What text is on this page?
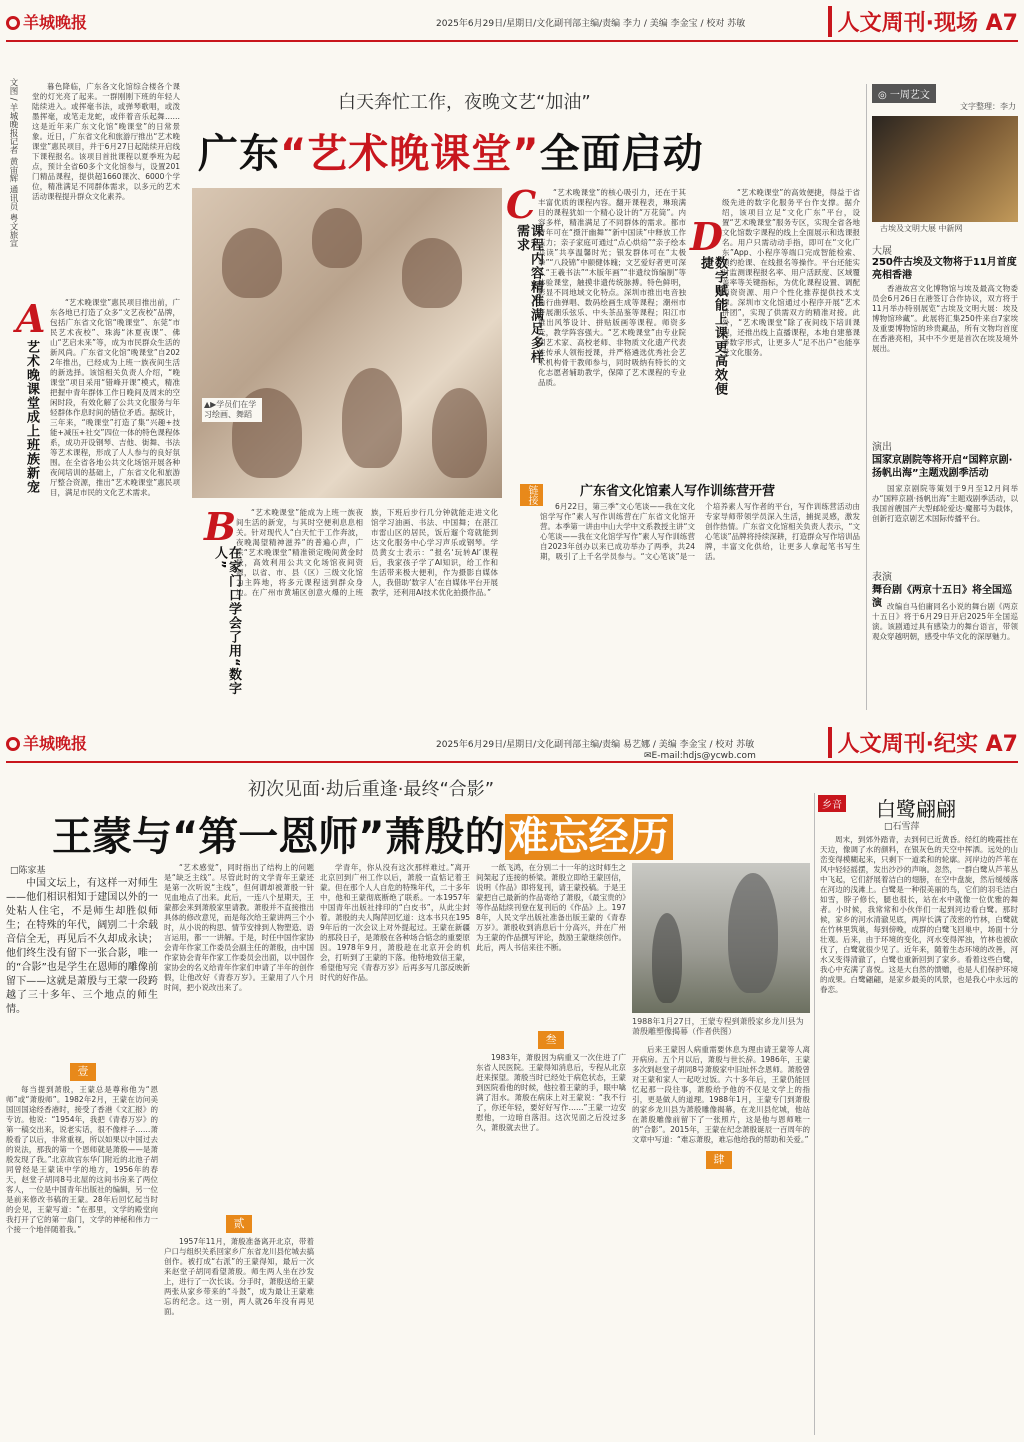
羊城晚报	2025年6月29日/星期日/文化副刊部主编/责编 李力 / 美编 李金宝 / 校对 苏敏	人文周刊·现场 A7
文图 / 羊城晚报记者 黄宙辉 通讯员 粤文旅宣	暮色降临，广东各文化馆综合楼各个课堂的灯光亮了起来。一群刚刚下班的年轻人陆续进入。或挥毫书法，或弹琴歌唱，或泼墨挥毫，或笔走龙蛇，或伴着音乐起舞……这是近年来广东文化馆“晚课堂”的日常景象。近日，广东省文化和旅游厅推出“艺术晚课堂”惠民项目，并于6月27日起陆续开启线下课程报名。该项目首批课程以夏季班为起点，预计全省60多个文化馆参与，设置201门精品课程，提供超1660课次、6000个学位，精准满足不同群体需求，以多元的艺术活动课程提升群众文化素养。

白天奔忙工作，夜晚文艺“加油”
广东“艺术晚课堂”全面启动
▲▶学员们在学习绘画、舞蹈
A
艺术晚课堂成上班族新宠

“艺术晚课堂”惠民项目推出前，广东各地已打造了众多“文艺夜校”品牌，包括广东省文化馆“晚课堂”、东莞“市民艺术夜校”、珠海“沐夏夜课”、佛山“艺启未来”等，成为市民群众生活的新风尚。广东省文化馆“晚课堂”自2022年推出，已经成为上班一族夜间生活的新选择。该馆相关负责人介绍，“晚课堂”项目采用“错峰开课”模式，精准把握中青年群体工作日晚间及周末的空闲时段，有效化解了公共文化服务与年轻群体作息时间的错位矛盾。据统计，三年来，“晚课堂”打造了集“兴趣+技能+减压+社交”四位一体的特色课程体系，成功开设钢琴、吉他、街舞、书法等艺术课程，形成了人人参与的良好氛围。在全省各地公共文化场馆开展各种夜间培训的基础上，广东省文化和旅游厅整合资源，推出“艺术晚课堂”惠民项目，满足市民的文化艺术需求。

B
在家门口学会了用“数字人”

“艺术晚课堂”能成为上班一族夜间生活的新宠，与其时空便利息息相关。针对现代人“白天忙于工作奔波，夜晚渴望精神滋养”的普遍心声，广东“艺术晚课堂”精准锁定晚间黄金时段，高效利用公共文化场馆夜间资源，以省、市、县（区）三级文化馆为主阵地，将多元课程送到群众身边。在广州市黄埔区创意火爆的上班族，下班后步行几分钟就能走进文化馆学习油画、书法、中国舞；在湛江市雷山区的居民，饭后遛个弯就能到达文化服务中心学习声乐或钢琴。学员黄女士表示：“报名‘玩转AI’课程后，我家孩子学了AI知识，给工作和生活带来极大便利，作为摄影自媒体人，我借助‘数字人’在自媒体平台开展教学，还利用AI技术优化拍摄作品。”

C
课程内容精准满足多样需求

“艺术晚课堂”的核心吸引力，还在于其丰富优质的课程内容。翻开课程表，琳琅满目的课程犹如一个精心设计的“万花筒”。内容多样，精准满足了不同群体的需求。都市青年可在“摄汗幽舞”“新中国读”中释放工作压力；亲子家庭可通过“点心烘焙”“亲子绘本共读”共享温馨时光；银发群体可在“太极拳”“八段锦”中颐健体魄；文艺爱好者更可深入“王羲书法”“木版年画”“非遗纹饰编制”等体验课堂，触摸非遗传统脉搏。特色鲜明，彰显不同地域文化特点。深圳市推出电音独角行曲弹唱、数码绘画生成等课程；潮州市开展潮乐弦乐、中头茶品鉴等课程；阳江市推出风筝设计、拼贴版画等课程。师资多元，教学阵容强大。“艺术晚课堂”由专业院团艺术家、高校老师、非物质文化遗产代表性传承人领衔授课，并严格遴选优秀社会艺术机构骨干教师参与，同时吸纳有特长的文化志愿者辅助教学，保障了艺术课程的专业品质。

D
数字赋能上课更高效便捷

“艺术晚课堂”的高效便捷，得益于省级先进的数字化服务平台作支撑。据介绍，该项目立足“文化广东”平台，设置“艺术晚课堂”服务专区，实现全省各地文化馆数字课程的线上全面展示和选课报名。用户只需动动手指，即可在“文化广东”App、小程序等端口完成智能检索、预约抢课、在线报名等操作。平台还能实时监测课程报名率、用户活跃度、区域覆盖率等关键指标，为优化课程设置、调配师资资源、用户个性化推荐提供技术支撑。深圳市文化馆通过小程序开展“艺术拼团”，实现了供需双方的精准对接。此外，“艺术晚课堂”除了夜间线下培训课程，还推出线上直播课程，本地自建慕课等数字形式，让更多人“足不出户”也能享受文化服务。

链接	广东省文化馆素人写作训练营开营

6月22日，第三季“文心笔谈——我在文化馆学写作”素人写作训练营在广东省文化馆开营。本季第一讲由中山大学中文系教授主讲“文心笔谈——我在文化馆学写作”素人写作训练营自2023年创办以来已成功举办了两季，共24期，吸引了上千名学员参与。“文心笔谈”是一个培养素人写作者的平台，写作训练营活动由专家导师带领学员深入生活，捕捉灵感，激发创作热情。广东省文化馆相关负责人表示，“文心笔谈”品牌将持续深耕，打造群众写作培训品牌，丰富文化供给，让更多人拿起笔书写生活。

◎ 一周艺文
文字整理：李力
古埃及文明大展 中新网
大展
250件古埃及文物将于11月首度亮相香港

香港故宫文化博物馆与埃及最高文物委员会6月26日在港签订合作协议，双方将于11月举办特别展览“古埃及文明大展：埃及博物馆珍藏”。此展将汇集250件来自7家埃及重要博物馆的珍贵藏品，所有文物均首度在香港亮相，其中不少更是首次在埃及境外展出。

演出
国家京剧院等将开启“国粹京剧·扬帆出海”主题戏剧季活动

国家京剧院等策划于9月至12月间举办“国粹京剧·扬帆出海”主题戏剧季活动，以我国首艘国产大型邮轮爱达·魔都号为载体，创新打造京剧艺术国际传播平台。

表演
舞台剧《两京十五日》将全国巡演 改编自马伯庸同名小说的舞台剧《两京十五日》将于6月29日开启2025年全国巡演。该剧通过具有感染力的舞台语言，带领观众穿越明朝，感受中华文化的深厚魅力。

羊城晚报	2025年6月29日/星期日/文化副刊部主编/责编 易艺娜 / 美编 李金宝 / 校对 苏敏	人文周刊·纪实 A7
✉E-mail:hdjs@ycwb.com
初次见面·劫后重逢·最终“合影”
王蒙与“第一恩师”萧殷的 难忘经历
□陈家基

中国文坛上，有这样一对师生——他们相识相知于建国以外的一处粘人住宅，不是师生却胜似师生；在特殊的年代，阔别二十余载音信全无，再见后不久却成永诀；他们终生没有留下一张合影，唯一的“合影”也是学生在恩师的雕像前留下——这就是萧殷与王蒙一段跨越了三十多年、三个地点的师生情。

壹

每当提到萧殷，王蒙总是尊称他为“恩师”或“萧殷师”。1982年2月，王蒙在访问美国回国途经香港时，接受了香港《文汇报》的专访。他说：“1954年，我把《青春万岁》的第一稿交出来，说老实话，很不像样子……萧殷看了以后，非常重视，所以如果以中国过去的说法，那我的第一个恩师就是萧殷——是萧殷发现了我。”北京故宫东华门附近的北池子胡同曾经是王蒙读中学的地方，1956年的春天，赵堂子胡同8号北屋的这间书房来了两位客人，一位是中国青年出版社的编辑，另一位是前来修改书稿的王蒙。28年后回忆起当时的会见，王蒙写道：“在那里，文学的殿堂向我打开了它的第一扇门，文学的神秘和伟力一个接一个地伴随着我。”

“艺术感觉”，同时指出了结构上的问题是“缺乏主线”。尽管此时的文学青年王蒙还是第一次听说“主线”，但何谓却被萧殷一针见血地点了出来。此后，一连八个星期天，王蒙都会来到萧殷家里请教。萧殷并不直接推出具体的修改意见，而是每次给王蒙讲两三个小时，从小说的构思、情节安排到人物塑造、语言运用，都一一讲解。于是，时任中国作家协会青年作家工作委员会副主任的萧殷，由中国作家协会青年作家工作委员会出面，以中国作家协会的名义给青年作家们申请了半年的创作假，让他改好《青春万岁》。王蒙用了八个月时间，把小说改出来了。

贰

1957年11月，萧殷准备离开北京，带着户口与组织关系回家乡广东省龙川县佗城去搞创作。被打成“右派”的王蒙得知，最后一次来赵堂子胡同看望萧殷。师生两人坐在沙发上，进行了一次长谈。分手时，萧殷送给王蒙两张从家乡带来的“斗鼓”，成为最让王蒙难忘的纪念。这一别，两人就26年没有再见面。

学青年，你从没有这次那样难过。”离开北京回到广州工作以后，萧殷一直惦记着王蒙。但在那个人人自危的特殊年代，二十多年中，他和王蒙彻底断绝了联系。一本1957年中国青年出版社排印的“白皮书”，从此尘封着。萧殷的夫人陶萍回忆道：这本书只在1959年后的一次会议上对外提起过。王蒙在新疆的那段日子，是萧殷在各种场合惦念的重要原因。1978年9月，萧殷趁在北京开会的机会，打听到了王蒙的下落。他特地致信王蒙，希望他写完《青春万岁》后再多写几部反映新时代的好作品。

一纸飞鸿，在分别二十一年的这时师生之间架起了连接的桥梁。萧殷立即给王蒙回信，说明《作品》即将复刊，请王蒙投稿。于是王蒙把自己最新的作品寄给了萧殷，《最宝贵的》等作品陆续刊登在复刊后的《作品》上。1978年，人民文学出版社准备出版王蒙的《青春万岁》。萧殷收到消息后十分高兴，并在广州为王蒙的作品撰写评论，鼓励王蒙继续创作。此后，两人书信来往不断。

叁

1983年，萧殷因为病重又一次住进了广东省人民医院。王蒙得知消息后，专程从北京赶来探望。萧殷当时已经处于病危状态，王蒙到医院看他的时候，他拉着王蒙的手，眼中噙满了泪水。萧殷在病床上对王蒙说：“我不行了，你还年轻，要好好写作……”王蒙一边安慰他，一边暗自落泪。这次见面之后没过多久，萧殷就去世了。

1988年1月27日，王蒙专程到萧殷家乡龙川县为萧殷雕塑像揭幕（作者供图）

后来王蒙因人病重需要休息为理由请王蒙等人离开病房。五个月以后，萧殷与世长辞。1986年，王蒙多次到赵堂子胡同8号萧殷家中旧址怀念恩师。萧殷曾对王蒙和家人一起吃过饭。六十多年后，王蒙仍能回忆起那一段往事，萧殷给予他的不仅是文学上的指引，更是做人的道理。1988年1月，王蒙专门到萧殷的家乡龙川县为萧殷雕像揭幕，在龙川县佗城，他站在萧殷雕像前留下了一张照片，这是他与恩师唯一的“合影”。2015年，王蒙在纪念萧殷诞辰一百周年的文章中写道：“难忘萧殷，难忘他给我的帮助和关爱。”

肆
乡音 白鹭翩翩
□石雪萍

周末，到郊外踏青，去到何已近黄昏。经红的晚霞挂在天边，像调了水的颜料，在银灰色的天空中挥洒。远处的山峦变得模糊起来，只剩下一道柔和的轮廓。河岸边的芦苇在风中轻轻摇摆，发出沙沙的声响。忽然，一群白鹭从芦苇丛中飞起，它们舒展着洁白的翅膀，在空中盘旋，然后缓缓落在河边的浅滩上。白鹭是一种很美丽的鸟，它们的羽毛洁白如雪，脖子修长，腿也很长，站在水中就像一位优雅的舞者。小时候，我常常和小伙伴们一起到河边看白鹭。那时候，家乡的河水清澈见底，两岸长满了茂密的竹林，白鹭就在竹林里筑巢，每到傍晚，成群的白鹭飞回巢中，场面十分壮观。后来，由于环境的变化，河水变得浑浊，竹林也被砍伐了，白鹭就很少见了。近年来，随着生态环境的改善，河水又变得清澈了，白鹭也重新回到了家乡。看着这些白鹭，我心中充满了喜悦。这是大自然的馈赠，也是人们保护环境的成果。白鹭翩翩，是家乡最美的风景，也是我心中永远的眷恋。
